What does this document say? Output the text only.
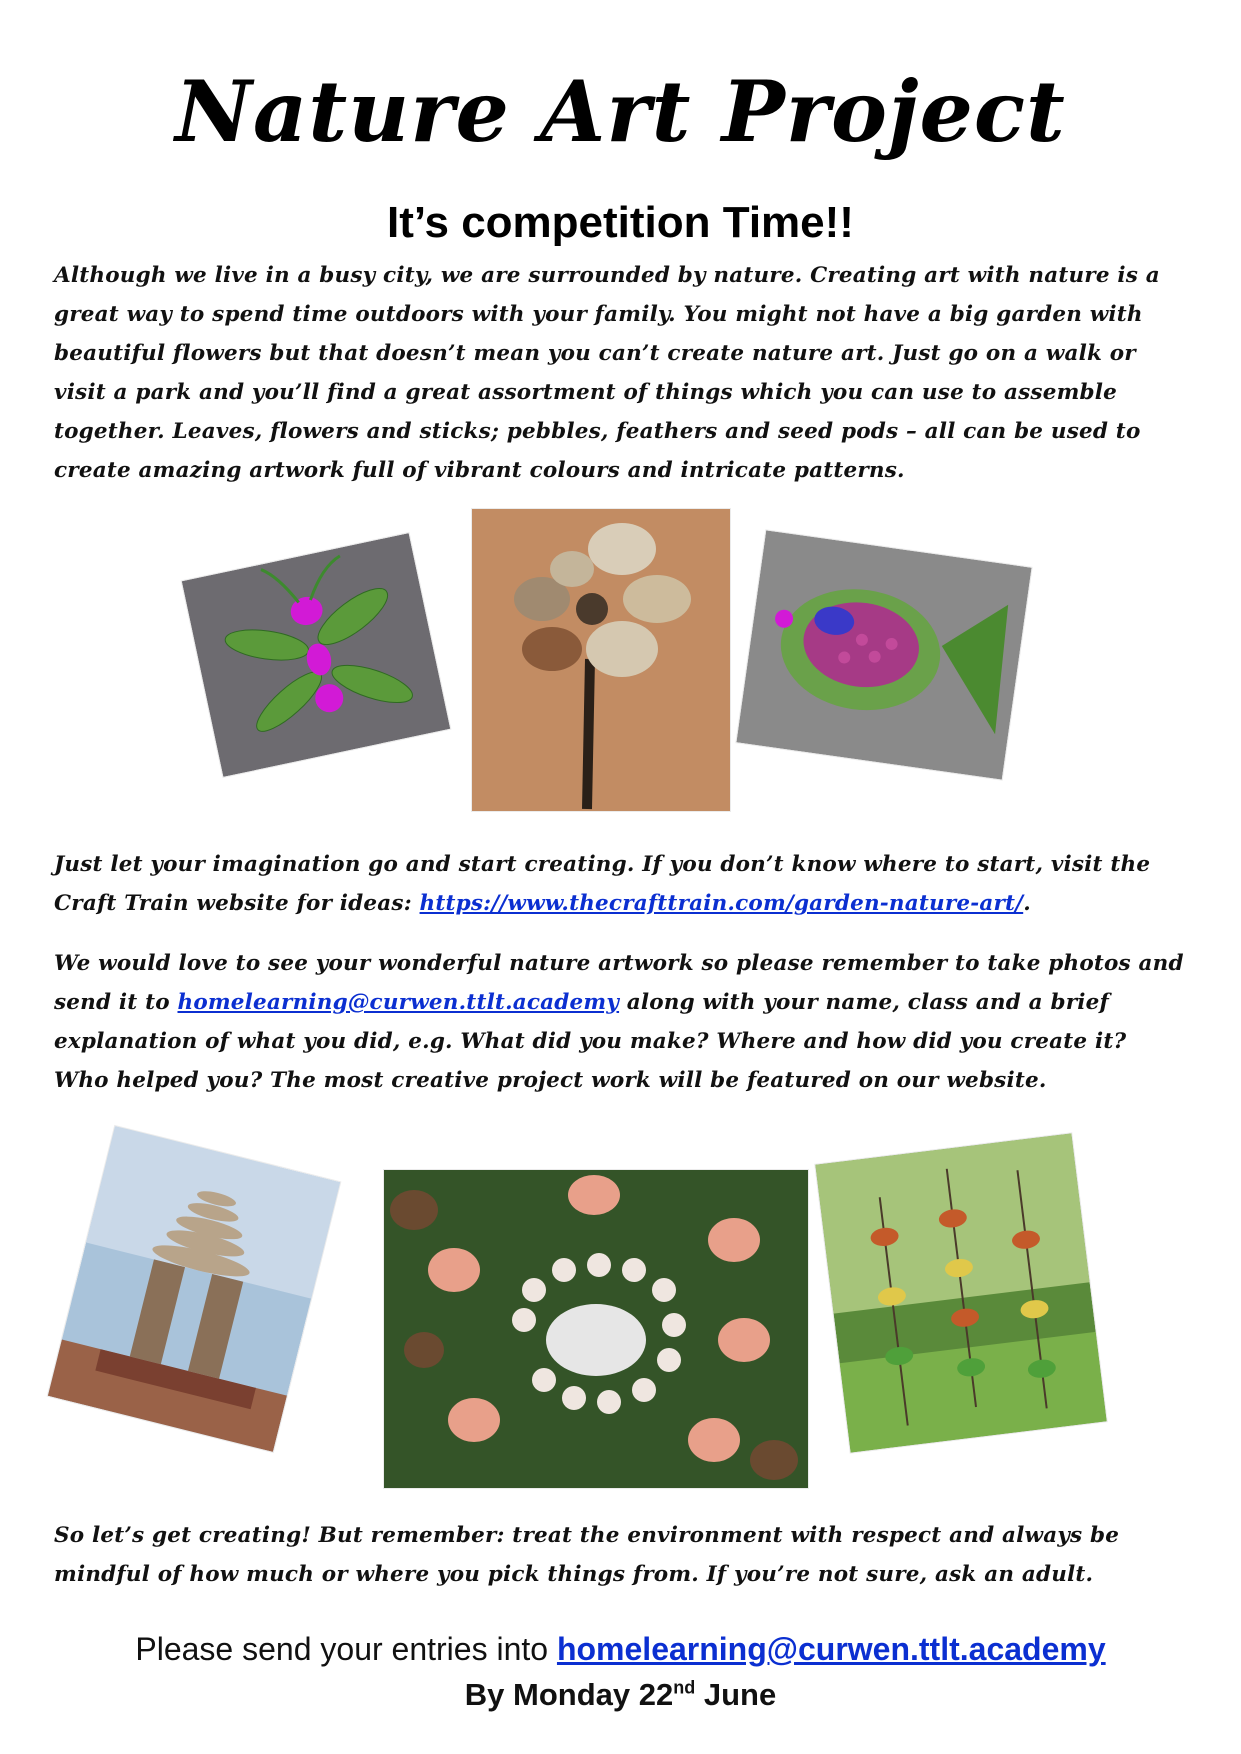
Nature Art Project
It’s competition Time!!

Although we live in a busy city, we are surrounded by nature. Creating art with nature is a great way to spend time outdoors with your family. You might not have a big garden with beautiful flowers but that doesn’t mean you can’t create nature art. Just go on a walk or visit a park and you’ll find a great assortment of things which you can use to assemble together. Leaves, flowers and sticks; pebbles, feathers and seed pods – all can be used to create amazing artwork full of vibrant colours and intricate patterns.

Just let your imagination go and start creating. If you don’t know where to start, visit the Craft Train website for ideas: https://www.thecrafttrain.com/garden-nature-art/.

We would love to see your wonderful nature artwork so please remember to take photos and send it to homelearning@curwen.ttlt.academy along with your name, class and a brief explanation of what you did, e.g. What did you make? Where and how did you create it? Who helped you? The most creative project work will be featured on our website.

So let’s get creating! But remember: treat the environment with respect and always be mindful of how much or where you pick things from. If you’re not sure, ask an adult.

Please send your entries into homelearning@curwen.ttlt.academy
By Monday 22nd June
